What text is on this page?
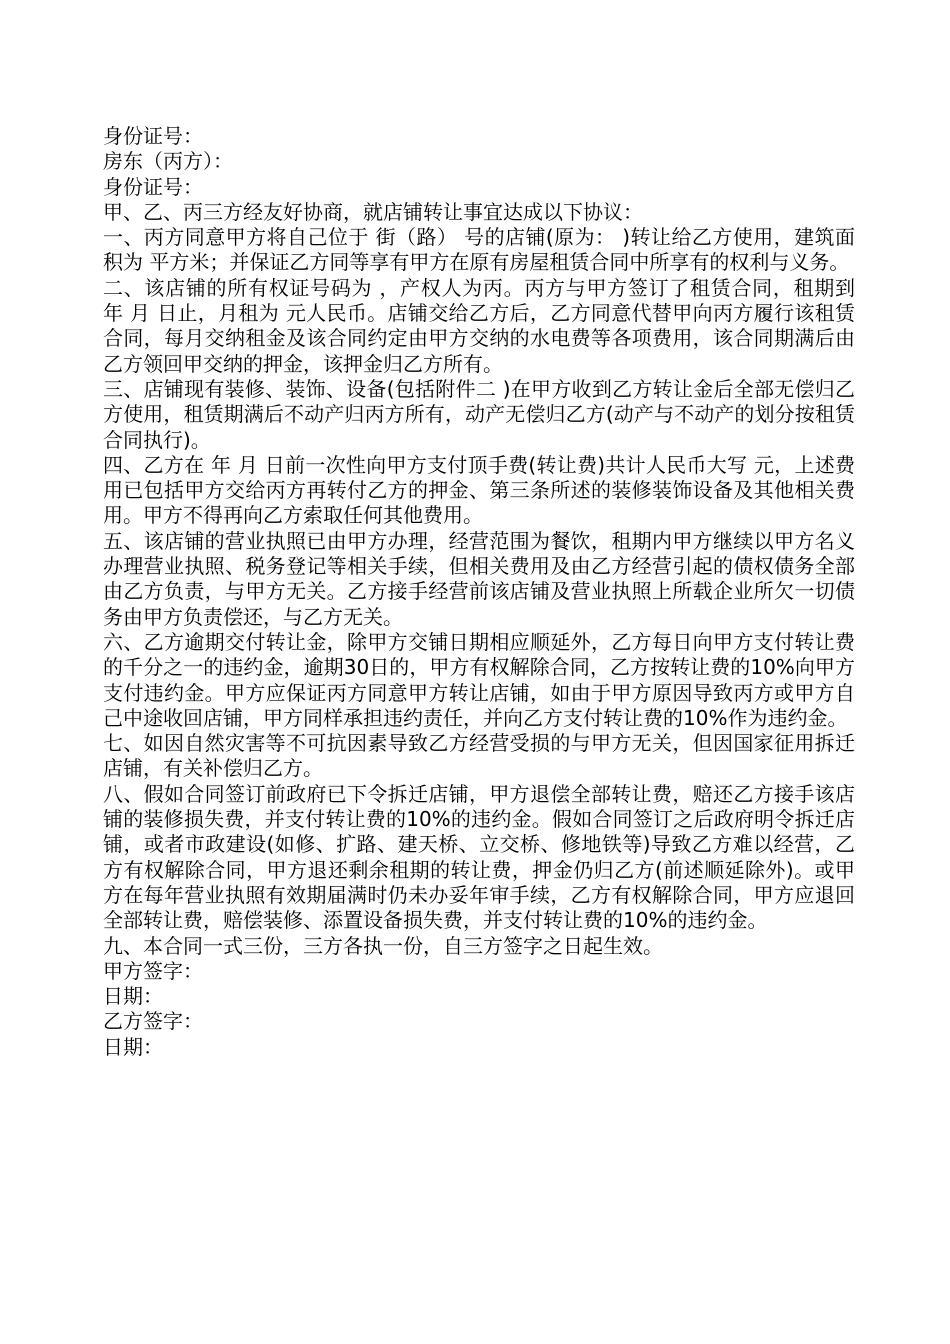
身份证号：

房东（丙方）：

身份证号：

甲、乙、丙三方经友好协商，就店铺转让事宜达成以下协议：

一、丙方同意甲方将自己位于 街（路） 号的店铺(原为： )转让给乙方使用，建筑面积为 平方米；并保证乙方同等享有甲方在原有房屋租赁合同中所享有的权利与义务。

二、该店铺的所有权证号码为 ，产权人为丙。丙方与甲方签订了租赁合同，租期到 年 月 日止，月租为 元人民币。店铺交给乙方后，乙方同意代替甲向丙方履行该租赁合同，每月交纳租金及该合同约定由甲方交纳的水电费等各项费用，该合同期满后由乙方领回甲交纳的押金，该押金归乙方所有。

三、店铺现有装修、装饰、设备(包括附件二 )在甲方收到乙方转让金后全部无偿归乙方使用，租赁期满后不动产归丙方所有，动产无偿归乙方(动产与不动产的划分按租赁合同执行)。

四、乙方在 年 月 日前一次性向甲方支付顶手费(转让费)共计人民币大写 元，上述费用已包括甲方交给丙方再转付乙方的押金、第三条所述的装修装饰设备及其他相关费用。甲方不得再向乙方索取任何其他费用。

五、该店铺的营业执照已由甲方办理，经营范围为餐饮，租期内甲方继续以甲方名义办理营业执照、税务登记等相关手续，但相关费用及由乙方经营引起的债权债务全部由乙方负责，与甲方无关。乙方接手经营前该店铺及营业执照上所载企业所欠一切债务由甲方负责偿还，与乙方无关。

六、乙方逾期交付转让金，除甲方交铺日期相应顺延外，乙方每日向甲方支付转让费的千分之一的违约金，逾期30日的，甲方有权解除合同，乙方按转让费的10%向甲方支付违约金。甲方应保证丙方同意甲方转让店铺，如由于甲方原因导致丙方或甲方自己中途收回店铺，甲方同样承担违约责任，并向乙方支付转让费的10%作为违约金。

七、如因自然灾害等不可抗因素导致乙方经营受损的与甲方无关，但因国家征用拆迁店铺，有关补偿归乙方。

八、假如合同签订前政府已下令拆迁店铺，甲方退偿全部转让费，赔还乙方接手该店铺的装修损失费，并支付转让费的10%的违约金。假如合同签订之后政府明令拆迁店铺，或者市政建设(如修、扩路、建天桥、立交桥、修地铁等)导致乙方难以经营，乙方有权解除合同，甲方退还剩余租期的转让费，押金仍归乙方(前述顺延除外)。或甲方在每年营业执照有效期届满时仍未办妥年审手续，乙方有权解除合同，甲方应退回全部转让费，赔偿装修、添置设备损失费，并支付转让费的10%的违约金。

九、本合同一式三份，三方各执一份，自三方签字之日起生效。

甲方签字：

日期：

乙方签字：

日期：
